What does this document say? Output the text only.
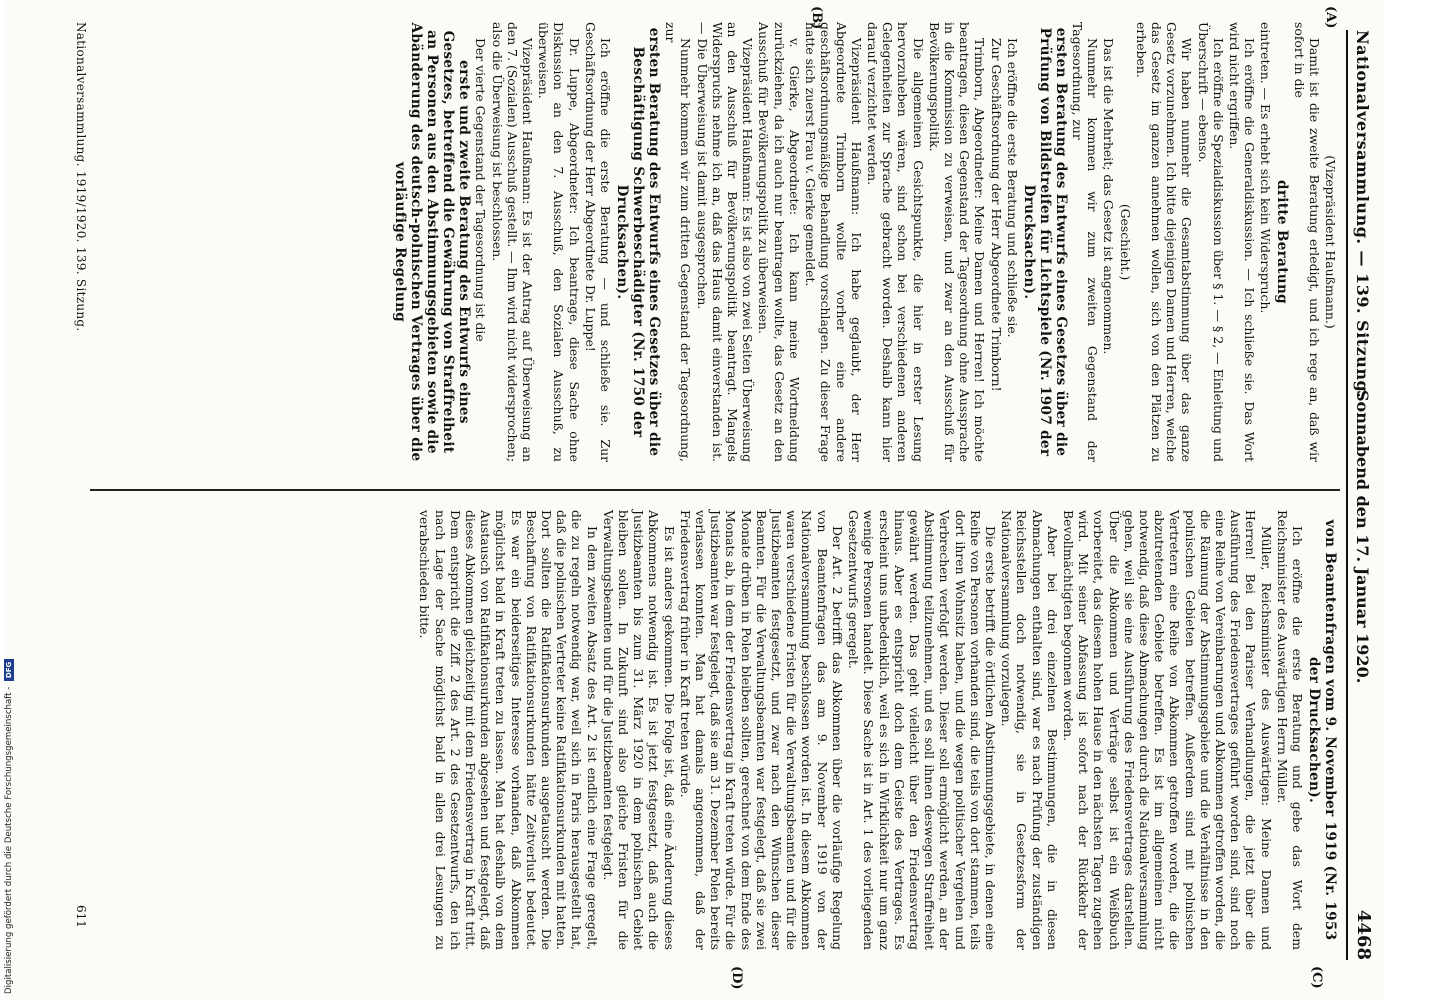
Nationalversammlung. — 139. Sitzung.
Sonnabend den 17. Januar 1920.
4468
(A)
(B)
(C)
(D)

(Vizepräsident Haußmann.)

Damit ist die zweite Beratung erledigt, und ich rege an, daß wir sofort in die

dritte Beratung

eintreten. — Es erhebt sich kein Widerspruch.

Ich eröffne die Generaldiskussion. — Ich schließe sie. Das Wort wird nicht ergriffen.

Ich eröffne die Spezialdiskussion über § 1. — § 2, — Einleitung und Überschrift — ebenso.

Wir haben nunmehr die Gesamtabstimmung über das ganze Gesetz vorzunehmen. Ich bitte diejenigen Damen und Herren, welche das Gesetz im ganzen annehmen wollen, sich von den Plätzen zu erheben.

(Geschieht.)

Das ist die Mehrheit; das Gesetz ist angenommen.

Nunmehr kommen wir zum zweiten Gegenstand der Tagesordnung, zur

ersten Beratung des Entwurfs eines Gesetzes über die Prüfung von Bildstreifen für Lichtspiele (Nr. 1907 der Drucksachen).

Ich eröffne die erste Beratung und schließe sie.

Zur Geschäftsordnung der Herr Abgeordnete Trimborn!

Trimborn, Abgeordneter: Meine Damen und Herren! Ich möchte beantragen, diesen Gegenstand der Tagesordnung ohne Aussprache in die Kommission zu verweisen, und zwar an den Ausschuß für Bevölkerungspolitik.

Die allgemeinen Gesichtspunkte, die hier in erster Lesung hervorzuheben wären, sind schon bei verschiedenen anderen Gelegenheiten zur Sprache gebracht worden. Deshalb kann hier darauf verzichtet werden.

Vizepräsident Haußmann: Ich habe geglaubt, der Herr Abgeordnete Trimborn wollte vorher eine andere geschäftsordnungsmäßige Behandlung vorschlagen. Zu dieser Frage hatte sich zuerst Frau v. Gierke gemeldet.

v. Gierke, Abgeordnete: Ich kann meine Wortmeldung zurückziehen, da ich auch nur beantragen wollte, das Gesetz an den Ausschuß für Bevölkerungspolitik zu überweisen.

Vizepräsident Haußmann: Es ist also von zwei Seiten Überweisung an den Ausschuß für Bevölkerungspolitik beantragt. Mangels Widerspruchs nehme ich an, daß das Haus damit einverstanden ist. — Die Überweisung ist damit ausgesprochen.

Nunmehr kommen wir zum dritten Gegenstand der Tagesordnung, zur

ersten Beratung des Entwurfs eines Gesetzes über die Beschäftigung Schwerbeschädigter (Nr. 1750 der Drucksachen).

Ich eröffne die erste Beratung — und schließe sie. Zur Geschäftsordnung der Herr Abgeordnete Dr. Luppe!

Dr. Luppe, Abgeordneter: Ich beantrage, diese Sache ohne Diskussion an den 7. Ausschuß, den Sozialen Ausschuß, zu überweisen.

Vizepräsident Haußmann: Es ist der Antrag auf Überweisung an den 7. (Sozialen) Ausschuß gestellt. — Ihm wird nicht widersprochen; also die Überweisung ist beschlossen.

Der vierte Gegenstand der Tagesordnung ist die

erste und zweite Beratung des Entwurfs eines Gesetzes, betreffend die Gewährung von Straffreiheit an Personen aus den Abstimmungsgebieten sowie die Abänderung des deutsch-polnischen Vertrages über die vorläufige Regelung

von Beamtenfragen vom 9. November 1919 (Nr. 1953 der Drucksachen).

Ich eröffne die erste Beratung und gebe das Wort dem Reichsminister des Auswärtigen Herrn Müller.

Müller, Reichsminister des Auswärtigen: Meine Damen und Herren! Bei den Pariser Verhandlungen, die jetzt über die Ausführung des Friedensvertrages geführt worden sind, sind noch eine Reihe von Vereinbarungen und Abkommen getroffen worden, die die Räumung der Abstimmungsgebiete und die Verhältnisse in den polnischen Gebieten betreffen. Außerdem sind mit polnischen Vertretern eine Reihe von Abkommen getroffen worden, die die abzutretenden Gebiete betreffen. Es ist im allgemeinen nicht notwendig, daß diese Abmachungen durch die Nationalversammlung gehen, weil sie eine Ausführung des Friedensvertrages darstellen. Über die Abkommen und Verträge selbst ist ein Weißbuch vorbereitet, das diesem hohen Hause in den nächsten Tagen zugehen wird. Mit seiner Abfassung ist sofort nach der Rückkehr der Bevollmächtigten begonnen worden.

Aber bei drei einzelnen Bestimmungen, die in diesen Abmachungen enthalten sind, war es nach Prüfung der zuständigen Reichsstellen doch notwendig, sie in Gesetzesform der Nationalversammlung vorzulegen.

Die erste betrifft die örtlichen Abstimmungsgebiete, in denen eine Reihe von Personen vorhanden sind, die teils von dort stammen, teils dort ihren Wohnsitz haben, und die wegen politischer Vergehen und Verbrechen verfolgt werden. Dieser soll ermöglicht werden, an der Abstimmung teilzunehmen, und es soll ihnen deswegen Straffreiheit gewährt werden. Das geht vielleicht über den Friedensvertrag hinaus. Aber es entspricht doch dem Geiste des Vertrages. Es erscheint uns unbedenklich, weil es sich in Wirklichkeit nur um ganz wenige Personen handelt. Diese Sache ist in Art. 1 des vorliegenden Gesetzentwurfs geregelt.

Der Art. 2 betrifft das Abkommen über die vorläufige Regelung von Beamtenfragen das am 9. November 1919 von der Nationalversammlung beschlossen worden ist. In diesem Abkommen waren verschiedene Fristen für die Verwaltungsbeamten und für die Justizbeamten festgesetzt, und zwar nach den Wünschen dieser Beamten. Für die Verwaltungsbeamten war festgelegt, daß sie zwei Monate drüben in Polen bleiben sollten, gerechnet von dem Ende des Monats ab, in dem der Friedensvertrag in Kraft treten würde. Für die Justizbeamten war festgelegt, daß sie am 31. Dezember Polen bereits verlassen konnten. Man hat damals angenommen, daß der Friedensvertrag früher in Kraft treten würde.

Es ist anders gekommen. Die Folge ist, daß eine Änderung dieses Abkommens notwendig ist. Es ist jetzt festgesetzt, daß auch die Justizbeamten bis zum 31. März 1920 in dem polnischen Gebiet bleiben sollen. In Zukunft sind also gleiche Fristen für die Verwaltungsbeamten und für die Justizbeamten festgelegt.

In dem zweiten Absatz des Art. 2 ist endlich eine Frage geregelt, die zu regeln notwendig war, weil sich in Paris herausgestellt hat, daß die polnischen Vertreter keine Ratifikationsurkunden mit hatten. Dort sollten die Ratifikationsurkunden ausgetauscht werden. Die Beschaffung von Ratifikationsurkunden hätte Zeitverlust bedeutet. Es war ein beiderseitiges Interesse vorhanden, daß Abkommen möglichst bald in Kraft treten zu lassen. Man hat deshalb von dem Austausch von Ratifikationsurkunden abgesehen und festgelegt, daß dieses Abkommen gleichzeitig mit dem Friedensvertrag in Kraft tritt. Dem entspricht die Ziff. 2 des Art. 2 des Gesetzentwurfs, den ich nach Lage der Sache möglichst bald in allen drei Lesungen zu verabschieden bitte.

Nationalversammlung. 1919/1920. 139. Sitzung.
611
Digitalisierung gefördert durch die Deutsche Forschungsgemeinschaft - DFG
